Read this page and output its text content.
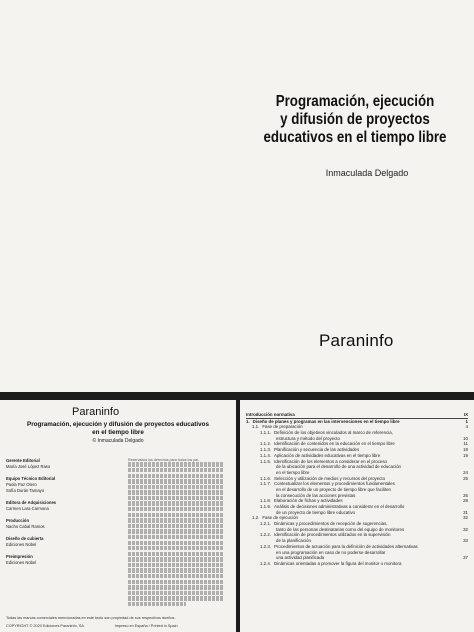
Programación, ejecución
y difusión de proyectos
educativos en el tiempo libre
Inmaculada Delgado
Paraninfo
Paraninfo
Programación, ejecución y difusión de proyectos educativos
en el tiempo libre
© Inmaculada Delgado
Gerente Editorial
María José López Raso
Equipo Técnico Editorial
Paola Paz Otero
Sofía Durán Tamayo
Editora de Adquisiciones
Carmen Lara Carmona
Producción
Nacho Cabal Ramos
Diseño de cubierta
Ediciones Nobel
Preimpresión
Ediciones Nobel
Reservados los derechos para todos los paí-
Todas las marcas comerciales mencionadas en este texto son propiedad de sus respectivos dueños.
COPYRIGHT © 2020 Ediciones Paraninfo, SA	Impreso en España / Printed in Spain
Introducción normativa	IX
1. Diseño de planes y programas en las intervenciones en el tiempo libre	1
1.1. Fase de preparación	4
1.1.1. Definición de los objetivos vinculados al marco de referencia,
estructura y método del proyecto	10
1.1.2. Identificación de contenidos en la educación en el tiempo libre	11
1.1.3. Planificación y secuencia de las actividades	18
1.1.4. Aplicación de actividades educativas en el tiempo libre	19
1.1.5. Identificación de los elementos a considerar en el proceso
de la ubicación para el desarrollo de una actividad de educación
en el tiempo libre	24
1.1.6. Selección y utilización de medios y recursos del proyecto	25
1.1.7. Contextualizar los elementos y procedimientos fundamentales
en el desarrollo de un proyecto de tiempo libre que faciliten
la consecución de las acciones previstas	26
1.1.8. Elaboración de fichas y actividades	28
1.1.9. Análisis de decisiones administrativas a considerar en el desarrollo
de un proyecto de tiempo libre educativo	31
1.2. Fase de ejecución	32
1.2.1. Dinámicas y procedimientos de recepción de sugerencias,
tanto de las personas destinatarias como del equipo de monitores	32
1.2.2. Identificación de procedimientos utilizados en la supervisión
de la planificación	33
1.2.3. Procedimientos de actuación para la definición de actividades alternativas
en una programación en caso de no poderse desarrollar
una actividad planificada	37
1.2.4. Dinámicas orientadas a promover la figura del monitor o monitora
